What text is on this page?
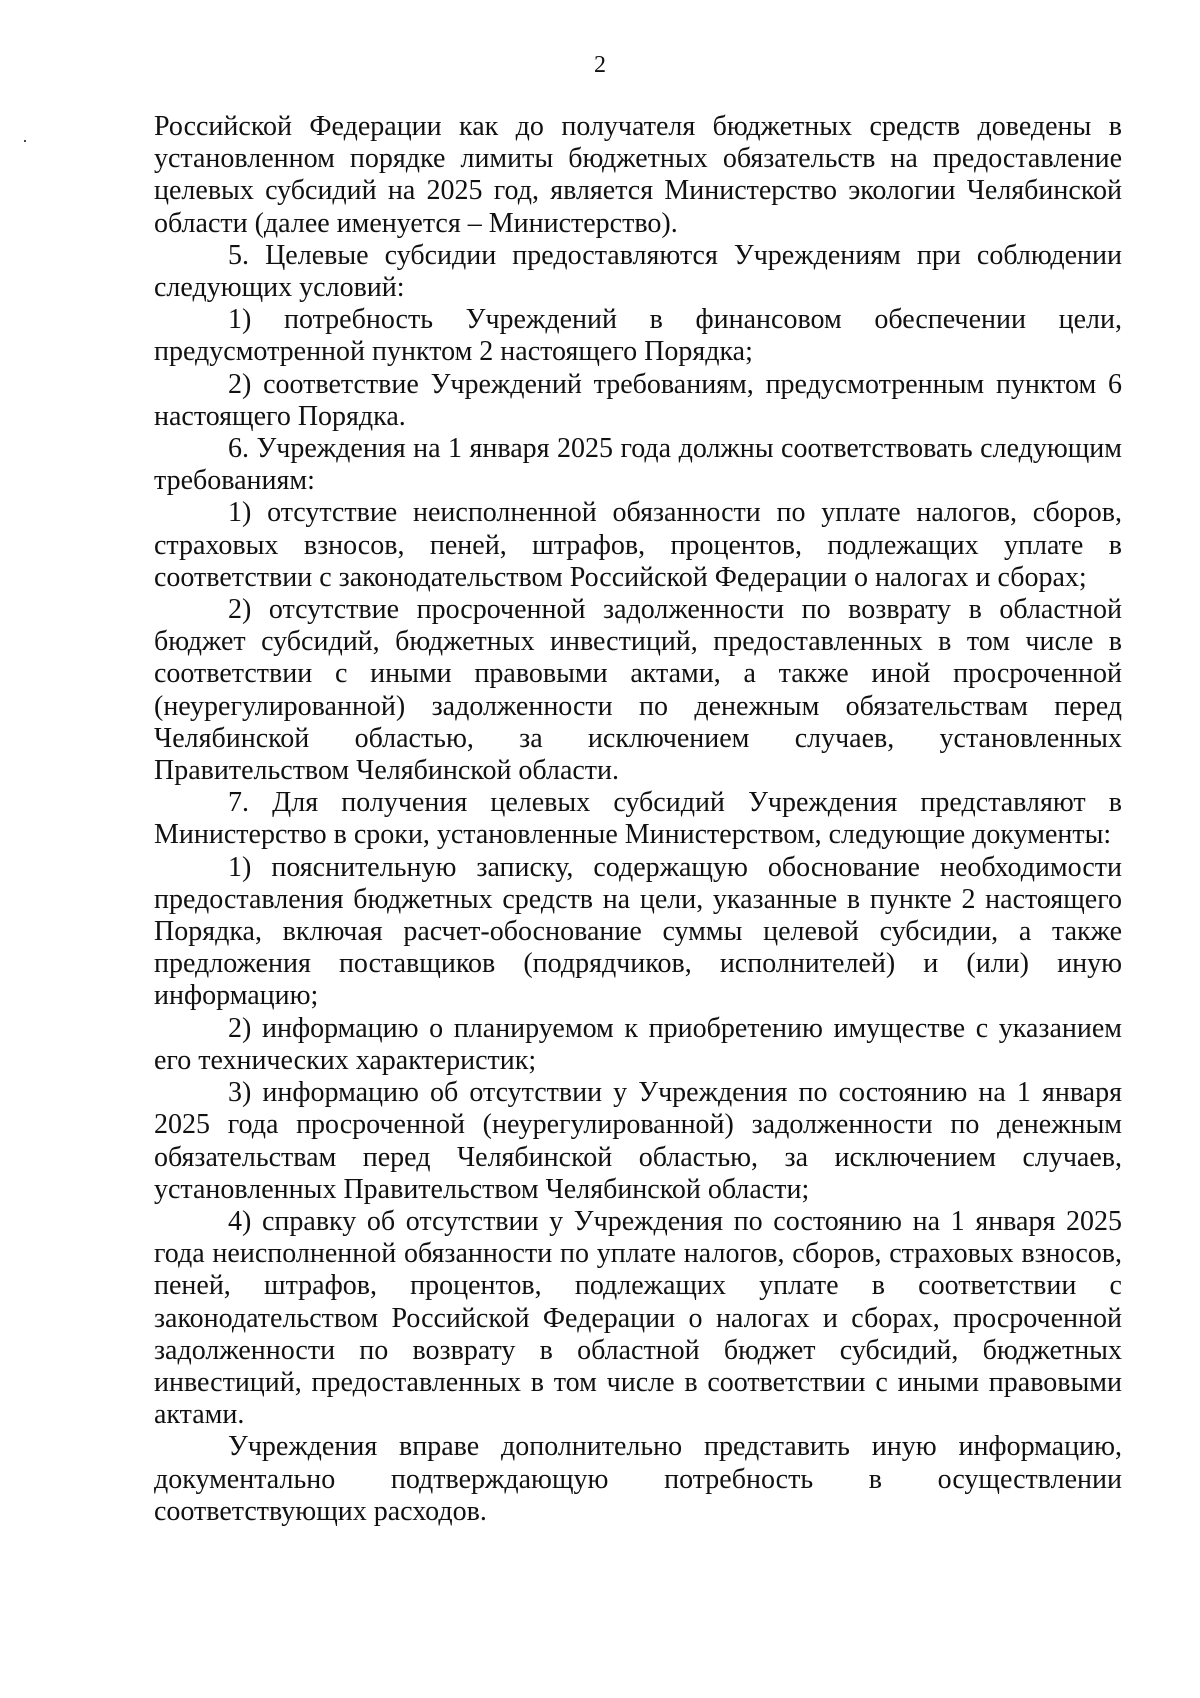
2

Российской Федерации как до получателя бюджетных средств доведены в установленном порядке лимиты бюджетных обязательств на предоставление целевых субсидий на 2025 год, является Министерство экологии Челябинской области (далее именуется – Министерство).

5. Целевые субсидии предоставляются Учреждениям при соблюдении следующих условий:

1) потребность Учреждений в финансовом обеспечении цели, предусмотренной пунктом 2 настоящего Порядка;

2) соответствие Учреждений требованиям, предусмотренным пунктом 6 настоящего Порядка.

6. Учреждения на 1 января 2025 года должны соответствовать следующим требованиям:

1) отсутствие неисполненной обязанности по уплате налогов, сборов, страховых взносов, пеней, штрафов, процентов, подлежащих уплате в соответствии с законодательством Российской Федерации о налогах и сборах;

2) отсутствие просроченной задолженности по возврату в областной бюджет субсидий, бюджетных инвестиций, предоставленных в том числе в соответствии с иными правовыми актами, а также иной просроченной (неурегулированной) задолженности по денежным обязательствам перед Челябинской областью, за исключением случаев, установленных Правительством Челябинской области.

7. Для получения целевых субсидий Учреждения представляют в Министерство в сроки, установленные Министерством, следующие документы:

1) пояснительную записку, содержащую обоснование необходимости предоставления бюджетных средств на цели, указанные в пункте 2 настоящего Порядка, включая расчет-обоснование суммы целевой субсидии, а также предложения поставщиков (подрядчиков, исполнителей) и (или) иную информацию;

2) информацию о планируемом к приобретению имуществе с указанием его технических характеристик;

3) информацию об отсутствии у Учреждения по состоянию на 1 января 2025 года просроченной (неурегулированной) задолженности по денежным обязательствам перед Челябинской областью, за исключением случаев, установленных Правительством Челябинской области;

4) справку об отсутствии у Учреждения по состоянию на 1 января 2025 года неисполненной обязанности по уплате налогов, сборов, страховых взносов, пеней, штрафов, процентов, подлежащих уплате в соответствии с законодательством Российской Федерации о налогах и сборах, просроченной задолженности по возврату в областной бюджет субсидий, бюджетных инвестиций, предоставленных в том числе в соответствии с иными правовыми актами.

Учреждения вправе дополнительно представить иную информацию, документально подтверждающую потребность в осуществлении соответствующих расходов.
